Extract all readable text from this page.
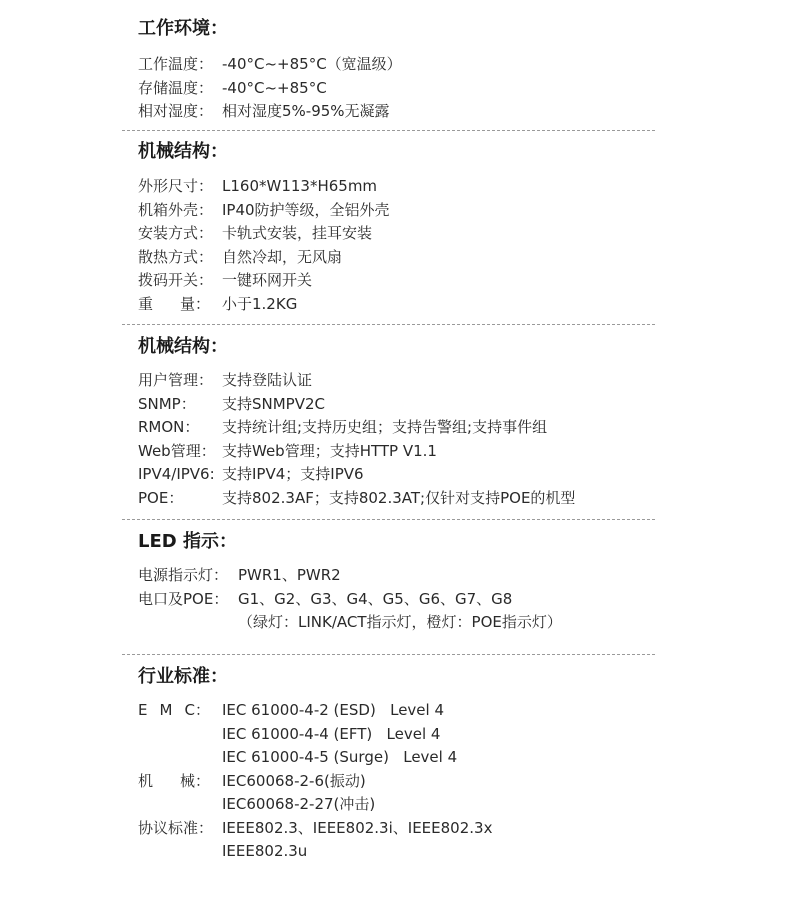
工作环境：
工作温度： -40°C~+85°C（宽温级）
存储温度： -40°C~+85°C
相对湿度： 相对湿度5%-95%无凝露
机械结构：
外形尺寸： L160*W113*H65mm
机箱外壳： IP40防护等级，全铝外壳
安装方式： 卡轨式安装，挂耳安装
散热方式： 自然冷却，无风扇
拨码开关： 一键环网开关
重 量： 小于1.2KG
机械结构：
用户管理： 支持登陆认证
SNMP： 支持SNMPV2C
RMON： 支持统计组;支持历史组；支持告警组;支持事件组
Web管理： 支持Web管理；支持HTTP V1.1
IPV4/IPV6: 支持IPV4；支持IPV6
POE：	支持802.3AF；支持802.3AT;仅针对支持POE的机型
LED 指示：
电源指示灯： PWR1、PWR2
电口及POE： G1、G2、G3、G4、G5、G6、G7、G8
（绿灯：LINK/ACT指示灯，橙灯：POE指示灯）
行业标准：
E M C： IEC 61000-4-2 (ESD)   Level 4
IEC 61000-4-4 (EFT)   Level 4
IEC 61000-4-5 (Surge)   Level 4
机 械： IEC60068-2-6(振动)
IEC60068-2-27(冲击)
协议标准： IEEE802.3、IEEE802.3i、IEEE802.3x
IEEE802.3u
